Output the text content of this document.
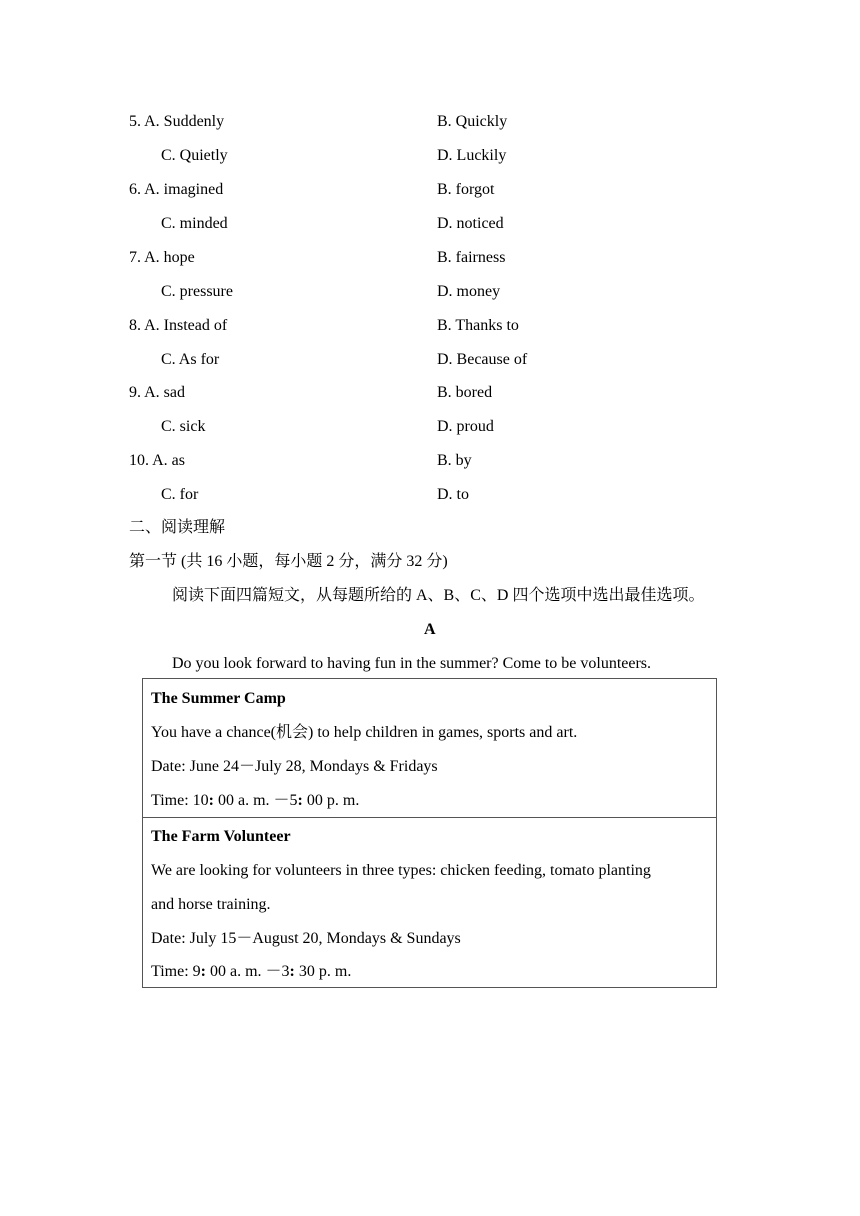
5. A. Suddenly	B. Quickly
C. Quietly	D. Luckily
6. A. imagined	B. forgot
C. minded	D. noticed
7. A. hope	B. fairness
C. pressure	D. money
8. A. Instead of	B. Thanks to
C. As for	D. Because of
9. A. sad	B. bored
C. sick	D. proud
10. A. as	B. by
C. for	D. to
二、阅读理解
第一节 (共 16 小题，每小题 2 分，满分 32 分)
阅读下面四篇短文，从每题所给的 A、B、C、D 四个选项中选出最佳选项。
A
Do you look forward to having fun in the summer? Come to be volunteers.
The Summer Camp
You have a chance(机会) to help children in games, sports and art.
Date: June 24－July 28, Mondays & Fridays
Time: 10: 00 a. m. －5: 00 p. m.
The Farm Volunteer
We are looking for volunteers in three types: chicken feeding, tomato planting
and horse training.
Date: July 15－August 20, Mondays & Sundays
Time: 9: 00 a. m. －3: 30 p. m.
